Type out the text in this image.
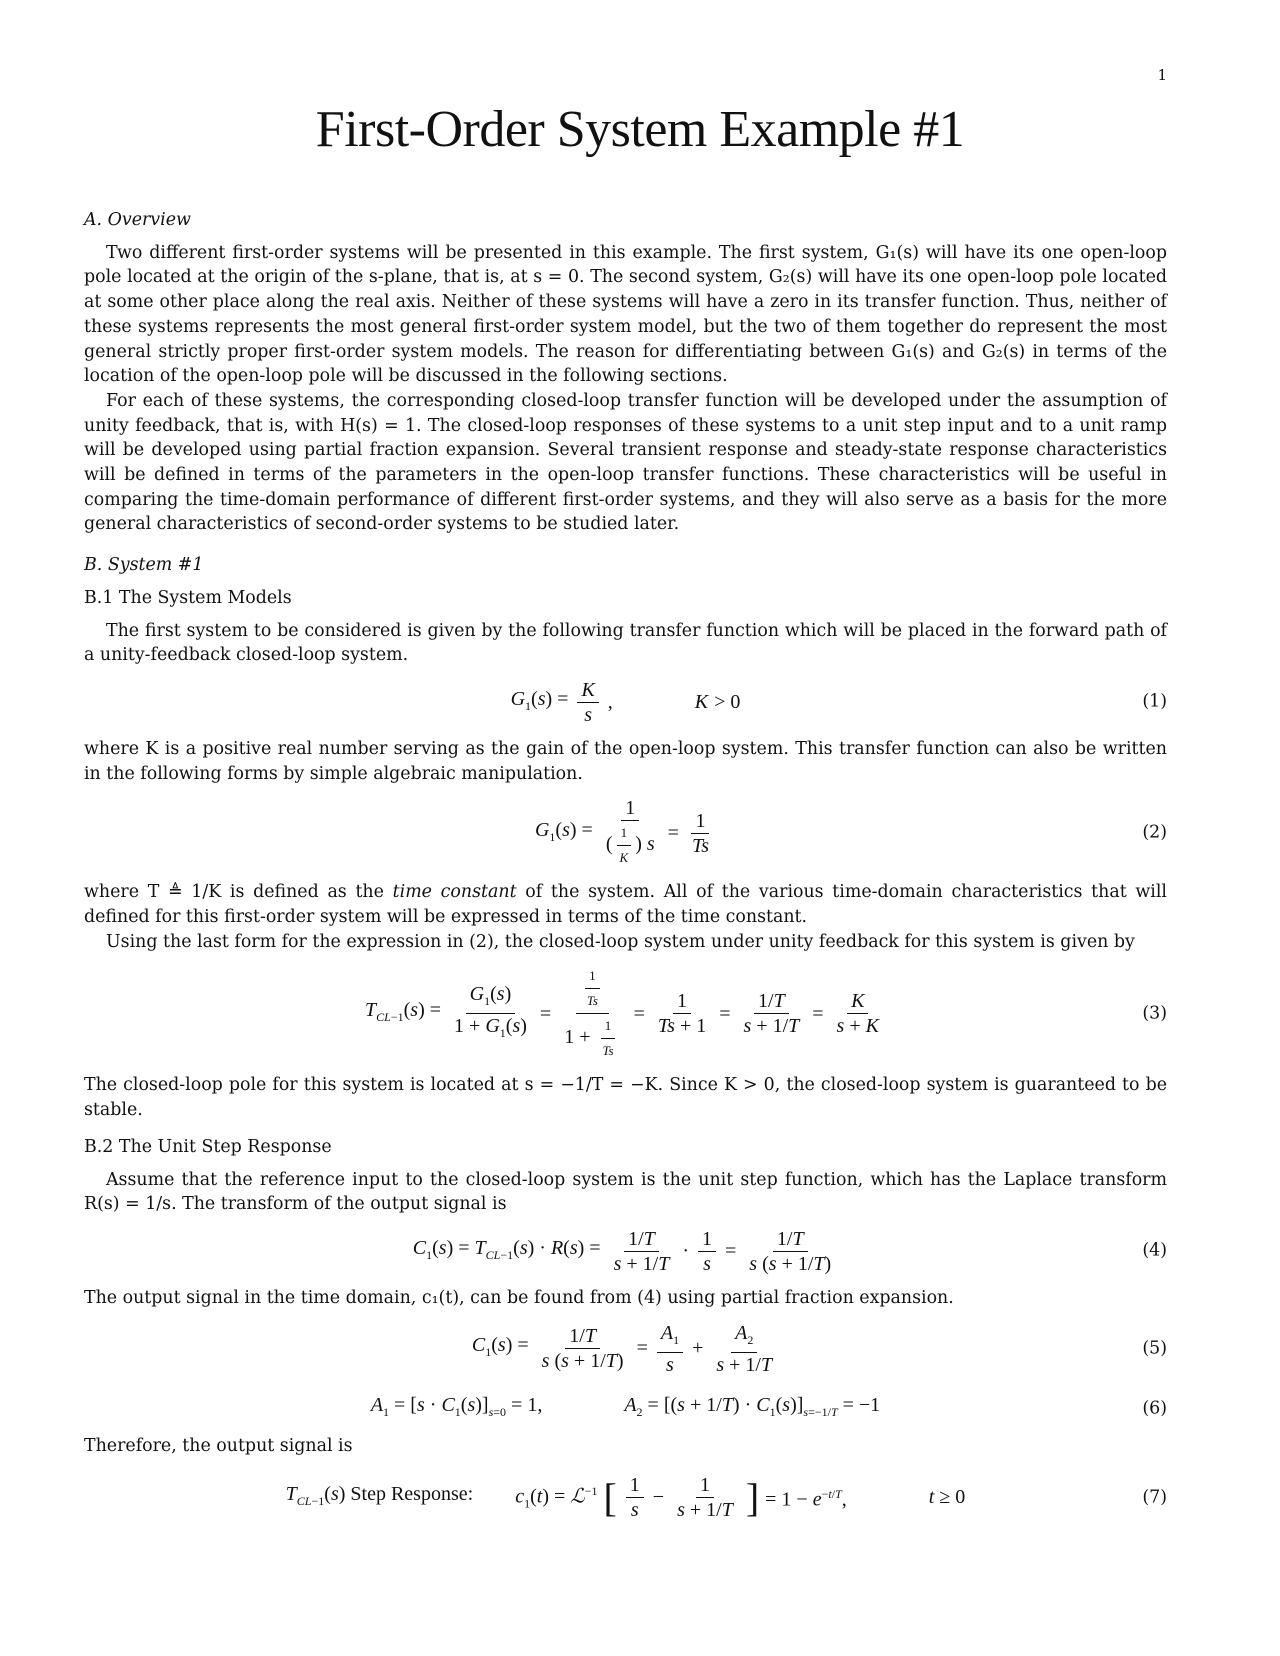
1
First-Order System Example #1
A. Overview

Two different first-order systems will be presented in this example. The first system, G₁(s) will have its one open-loop pole located at the origin of the s-plane, that is, at s = 0. The second system, G₂(s) will have its one open-loop pole located at some other place along the real axis. Neither of these systems will have a zero in its transfer function. Thus, neither of these systems represents the most general first-order system model, but the two of them together do represent the most general strictly proper first-order system models. The reason for differentiating between G₁(s) and G₂(s) in terms of the location of the open-loop pole will be discussed in the following sections.

For each of these systems, the corresponding closed-loop transfer function will be developed under the assumption of unity feedback, that is, with H(s) = 1. The closed-loop responses of these systems to a unit step input and to a unit ramp will be developed using partial fraction expansion. Several transient response and steady-state response characteristics will be defined in terms of the parameters in the open-loop transfer functions. These characteristics will be useful in comparing the time-domain performance of different first-order systems, and they will also serve as a basis for the more general characteristics of second-order systems to be studied later.

B. System #1
B.1 The System Models

The first system to be considered is given by the following transfer function which will be placed in the forward path of a unity-feedback closed-loop system.

$G_1(s) = \frac{K}{s}$ ,	K > 0	(1)

where K is a positive real number serving as the gain of the open-loop system. This transfer function can also be written in the following forms by simple algebraic manipulation.

$G_1(s) = \frac{1}{( \frac{1}{K} ) s} = \frac{1}{Ts}$	(2)

where T ≜ 1/K is defined as the time constant of the system. All of the various time-domain characteristics that will defined for this first-order system will be expressed in terms of the time constant.

Using the last form for the expression in (2), the closed-loop system under unity feedback for this system is given by

$T_{CL-1}(s) = \frac{G_1(s)}{1 + G_1(s)} = \frac{\frac{1}{Ts}}{1 + \frac{1}{Ts}} = \frac{1}{Ts + 1} = \frac{1/T}{s + 1/T} = \frac{K}{s + K}$	(3)

The closed-loop pole for this system is located at s = −1/T = −K. Since K > 0, the closed-loop system is guaranteed to be stable.

B.2 The Unit Step Response

Assume that the reference input to the closed-loop system is the unit step function, which has the Laplace transform R(s) = 1/s. The transform of the output signal is

$C_1(s) = T_{CL-1}(s) \cdot R(s) = \frac{1/T}{s + 1/T} \cdot \frac{1}{s} = \frac{1/T}{s (s + 1/T)}$	(4)

The output signal in the time domain, c₁(t), can be found from (4) using partial fraction expansion.

$C_1(s) = \frac{1/T}{s (s + 1/T)} = \frac{A_1}{s} + \frac{A_2}{s + 1/T}$	(5)
$A_1 = [s \cdot C_1(s)]_{s=0} = 1$,	$A_2 = [(s + 1/T) \cdot C_1(s)]_{s=-1/T} = -1$	(6)

Therefore, the output signal is

$T_{CL-1}(s)$ Step Response: $c_1(t)$ = ℒ$^{-1}$ [ $\frac{1}{s} - \frac{1}{s + 1/T}$ ] = $1 - e^{-t/T}$,	t ≥ 0	(7)
